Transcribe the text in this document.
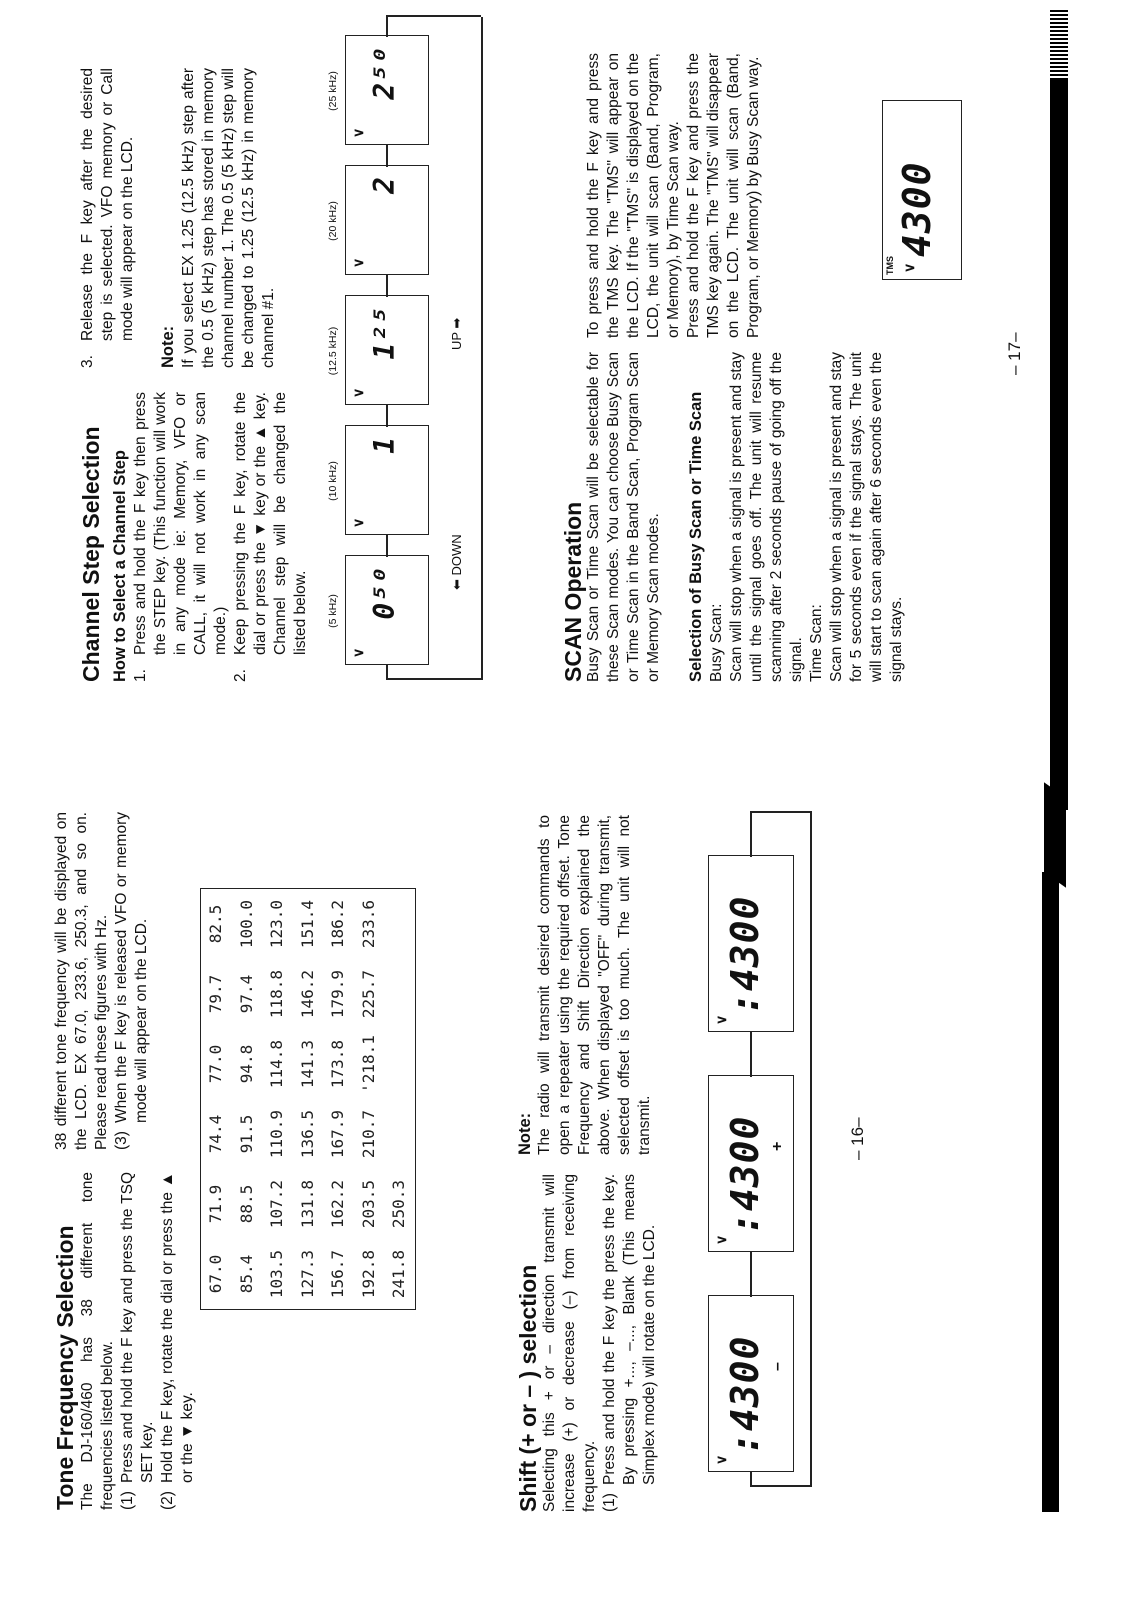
Tone Frequency Selection The DJ-160/460 has 38 different tone frequencies listed below. (1)
Press and hold the F key and press the TSQ SET key.
(2)
Hold the F key, rotate the dial or press the ▲ or the ▼ key.

38 different tone frequency will be displayed on the LCD. EX 67.0, 233.6, 250.3, and so on. Please read these figures with Hz. (3)
When the F key is released VFO or memory mode will appear on the LCD.
67.0	71.9	74.4	77.0	79.7	82.5
85.4	88.5	91.5	94.8	97.4	100.0
103.5	107.2	110.9	114.8	118.8	123.0
127.3	131.8	136.5	141.3	146.2	151.4
156.7	162.2	167.9	173.8	179.9	186.2
192.8	203.5	210.7	'218.1	225.7	233.6
241.8	250.3				
Shift (+ or – ) selection Selecting this + or – direction transmit will increase (+) or decrease (–) from receiving frequency. (1)
Press and hold the F key the press the key. By pressing +..., –..., Blank (This means Simplex mode) will rotate on the LCD.
Note: The radio will transmit desired commands to open a repeater using the required offset. Tone Frequency and Shift Direction explained the above. When displayed "OFF" during transmit, selected offset is too much. The unit will not transmit.
∨
:4300 –
∨
:4300 +
∨
:4300
– 16–
Channel Step Selection How to Select a Channel Step 1.
Press and hold the F key then press the STEP key. (This function will work in any mode ie: Memory, VFO or CALL, it will not work in any scan mode.)
2.
Keep pressing the F key, rotate the dial or press the ▼ key or the ▲ key. Channel step will be changed the listed below.
3.
Release the F key after the desired step is selected. VFO memory or Call mode will appear on the LCD.

Note: If you select EX 1.25 (12.5 kHz) step after the 0.5 (5 kHz) step has stored in memory channel number 1. The 0.5 (5 kHz) step will be changed to 1.25 (12.5 kHz) in memory channel #1.

⬅ DOWN
UP ➡
SCAN Operation Busy Scan or Time Scan will be selectable for these Scan modes. You can choose Busy Scan or Time Scan in the Band Scan, Program Scan or Memory Scan modes. Selection of Busy Scan or Time Scan Busy Scan: Scan will stop when a signal is present and stay until the signal goes off. The unit will resume scanning after 2 seconds pause of going off the signal. Time Scan: Scan will stop when a signal is present and stay for 5 seconds even if the signal stays. The unit will start to scan again after 6 seconds even the signal stays.

To press and hold the F key and press the TMS key. The "TMS" will appear on the LCD. If the "TMS" is displayed on the LCD, the unit will scan (Band, Program, or Memory), by Time Scan way. Press and hold the F key and press the TMS key again. The "TMS" will disappear on the LCD. The unit will scan (Band, Program, or Memory) by Busy Scan way.	TMS ∨
4300
– 17–
(5 kHz)
∨
0⁵⁰
(10 kHz)
∨
1
(12.5 kHz)
∨
1²⁵
(20 kHz)
∨
2
(25 kHz)
∨
2⁵⁰
